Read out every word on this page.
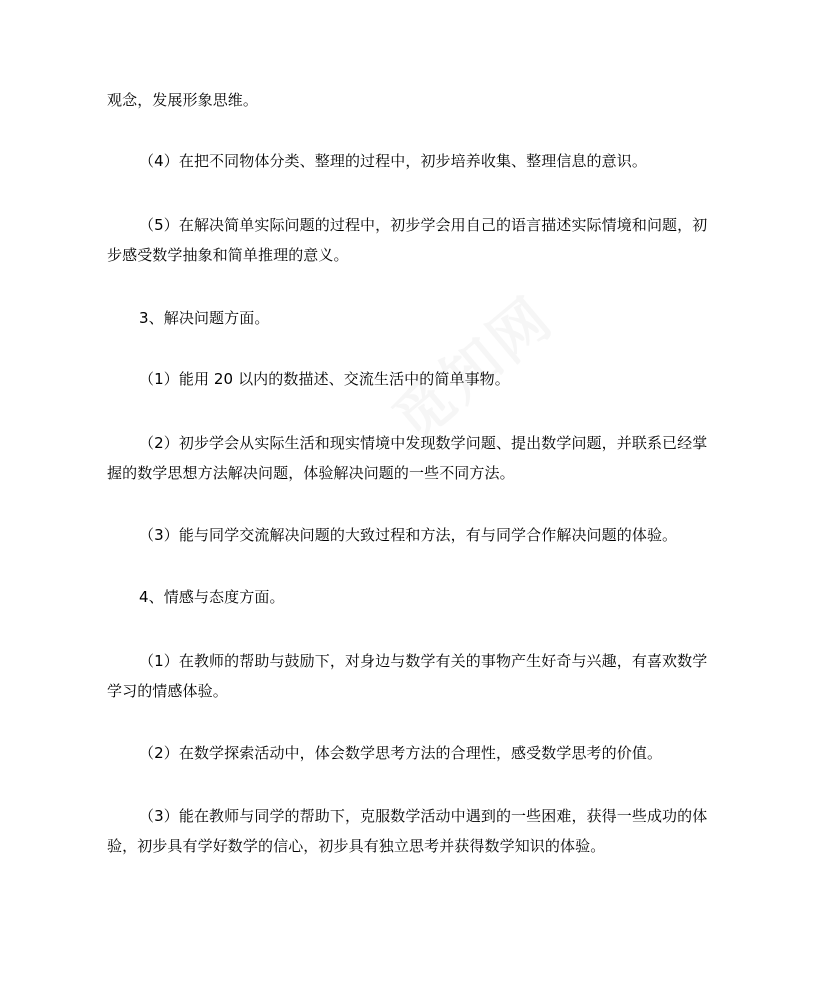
观念，发展形象思维。

（4）在把不同物体分类、整理的过程中，初步培养收集、整理信息的意识。

（5）在解决简单实际问题的过程中，初步学会用自己的语言描述实际情境和问题，初
步感受数学抽象和简单推理的意义。

3、解决问题方面。

（1）能用 20 以内的数描述、交流生活中的简单事物。

（2）初步学会从实际生活和现实情境中发现数学问题、提出数学问题，并联系已经掌
握的数学思想方法解决问题，体验解决问题的一些不同方法。

（3）能与同学交流解决问题的大致过程和方法，有与同学合作解决问题的体验。

4、情感与态度方面。

（1）在教师的帮助与鼓励下，对身边与数学有关的事物产生好奇与兴趣，有喜欢数学
学习的情感体验。

（2）在数学探索活动中，体会数学思考方法的合理性，感受数学思考的价值。

（3）能在教师与同学的帮助下，克服数学活动中遇到的一些困难，获得一些成功的体
验，初步具有学好数学的信心，初步具有独立思考并获得数学知识的体验。
